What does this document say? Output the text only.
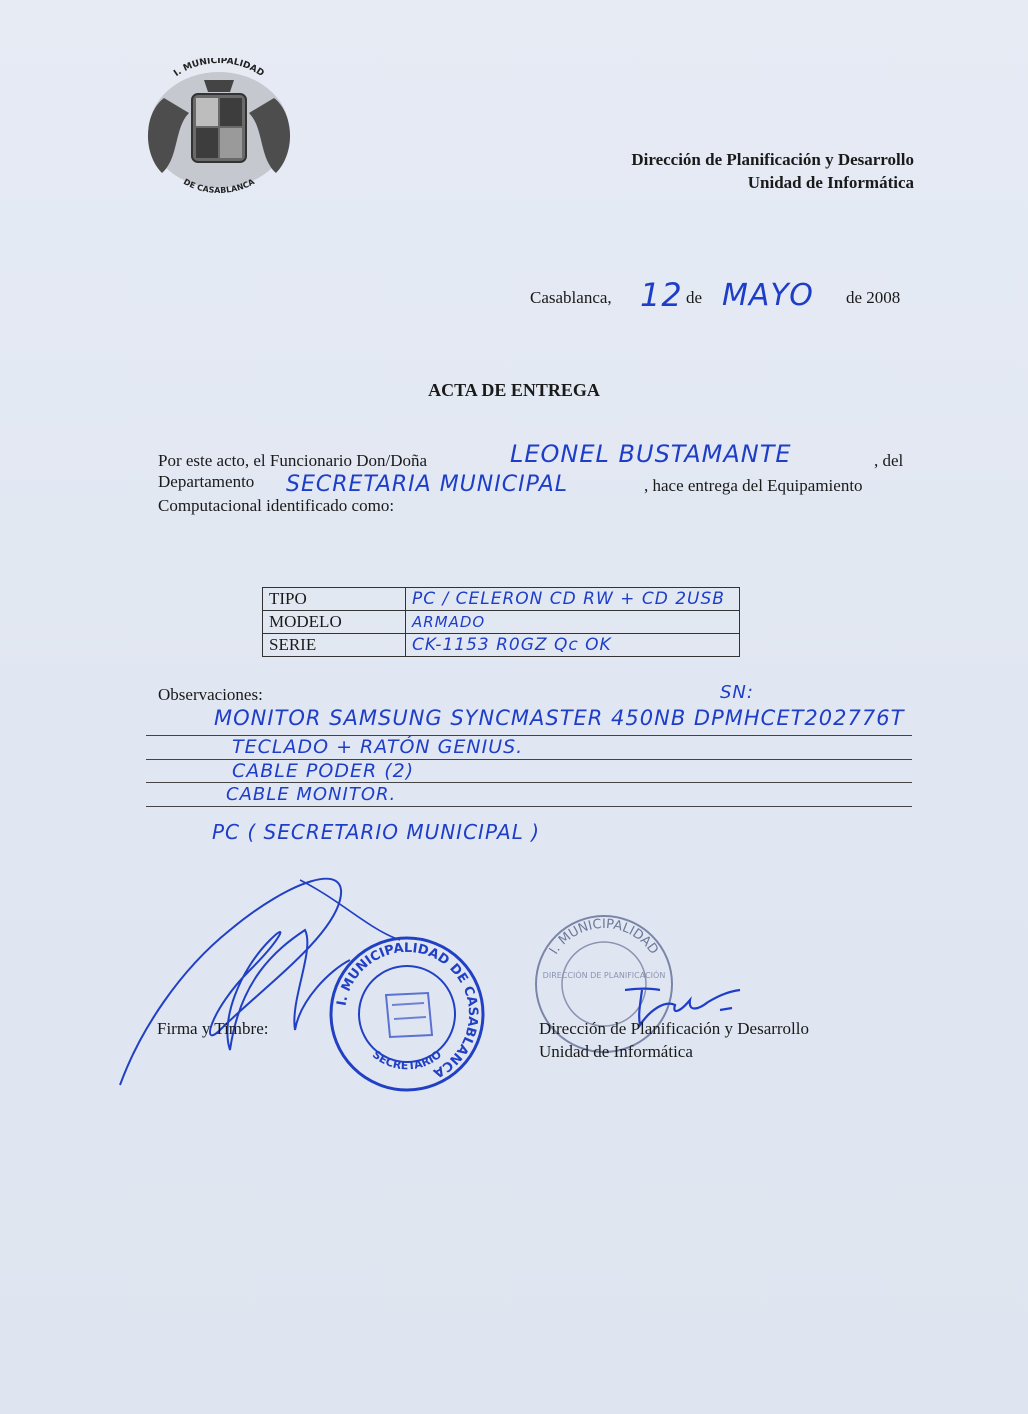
I. MUNICIPALIDAD
DE CASABLANCA
Dirección de Planificación y Desarrollo
Unidad de Informática
Casablanca, 12 de MAYO de 2008
ACTA DE ENTREGA
Por este acto, el Funcionario Don/Doña	LEONEL BUSTAMANTE	, del
Departamento SECRETARIA MUNICIPAL	, hace entrega del Equipamiento
Computacional identificado como:
TIPO	PC / CELERON CD RW + CD 2USB
MODELO	ARMADO
SERIE	CK-1153 R0GZ Qc OK
Observaciones:	SN:
MONITOR SAMSUNG SYNCMASTER 450NB DPMHCET202776T
TECLADO + RATÓN GENIUS.
CABLE PODER (2)
CABLE MONITOR.
PC ( SECRETARIO MUNICIPAL )
Firma y Timbre:
I. MUNICIPALIDAD DE CASABLANCA
SECRETARIO
I. MUNICIPALIDAD
DIRECCIÓN DE PLANIFICACIÓN
Dirección de Planificación y Desarrollo
Unidad de Informática
